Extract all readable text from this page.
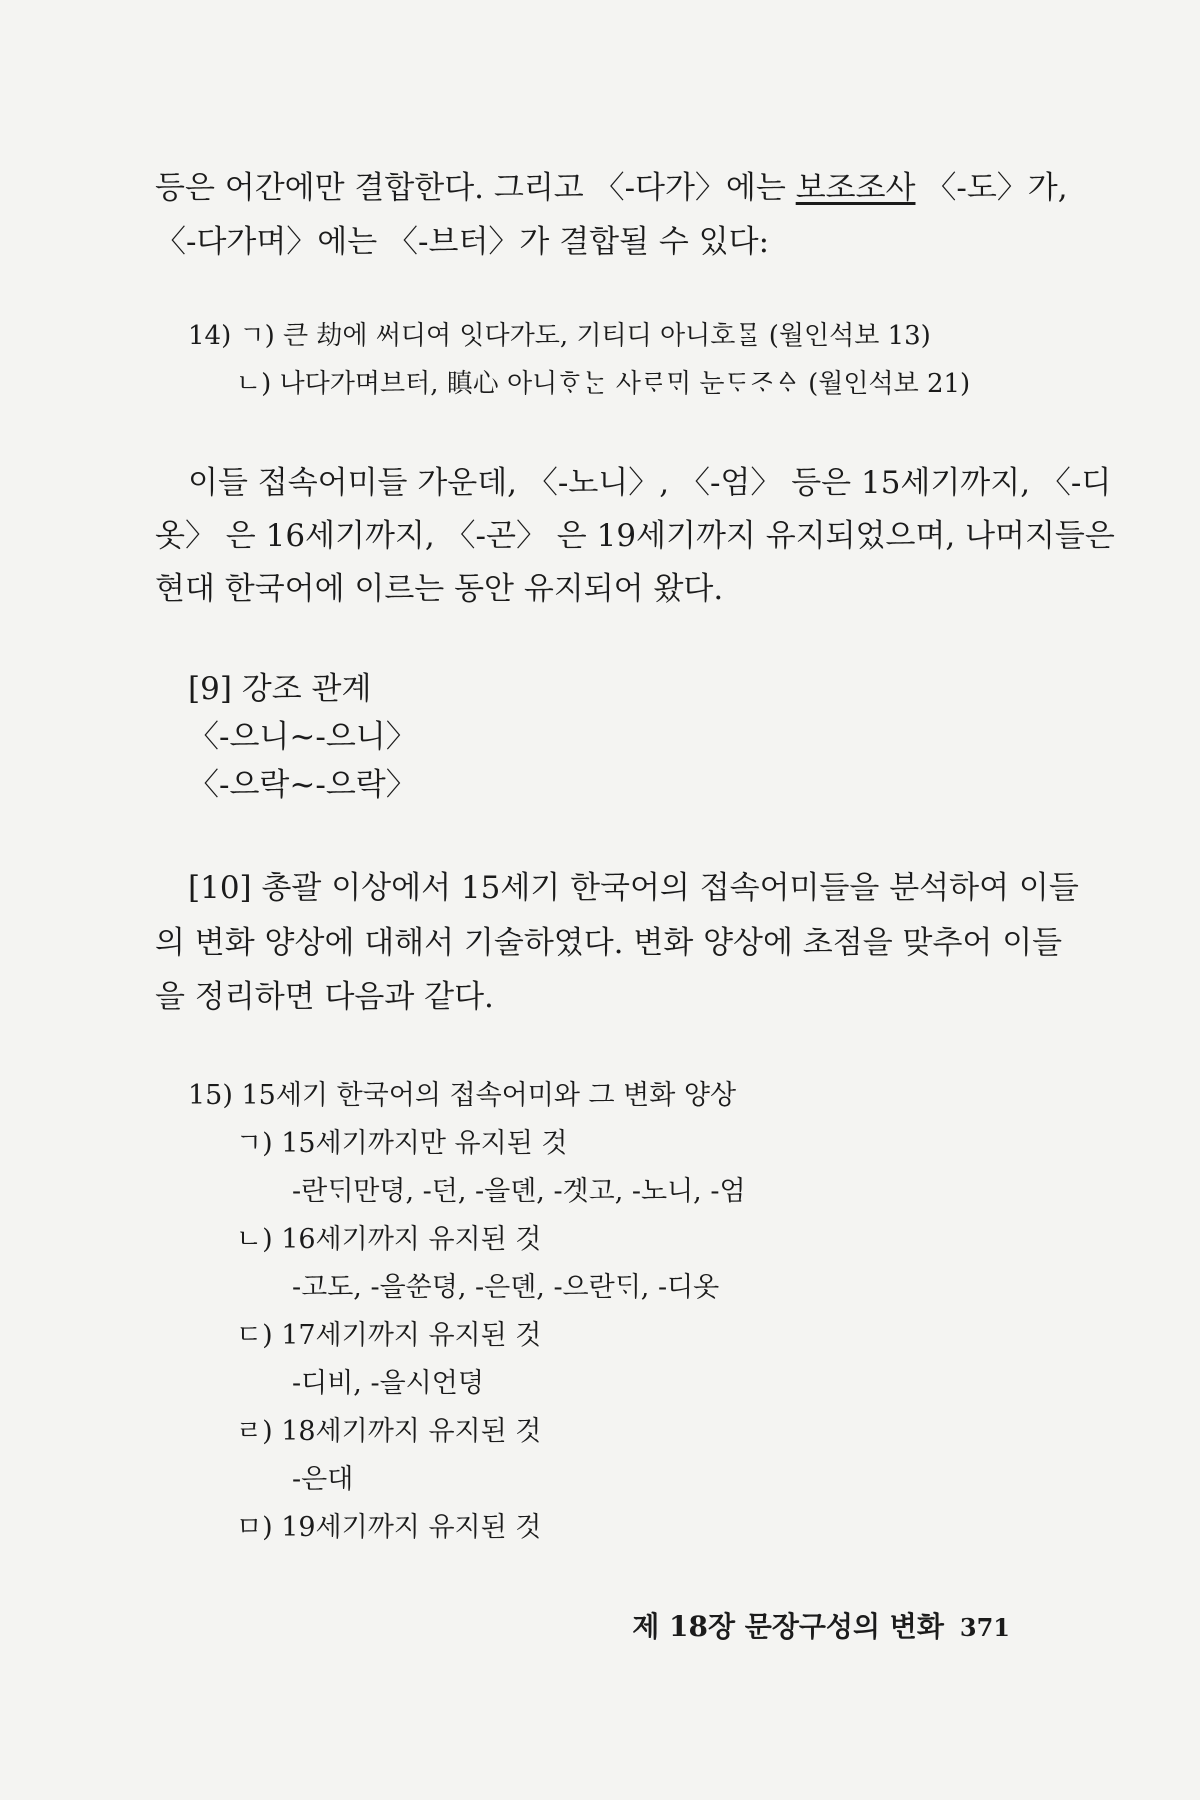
등은 어간에만 결합한다. 그리고 〈-다가〉에는 보조조사 〈-도〉가,
〈-다가며〉에는 〈-브터〉가 결합될 수 있다:
14) ㄱ) 큰 劫에 써디여 잇다가도, 기티디 아니호ᄆᆞᆯ (월인석보 13)
ㄴ) 나다가며브터, 瞋心 아니ᄒᆞᄂᆞᆫ 사ᄅᆞᄆᆡ 눈ᄃᆞᄌᆞᅀᆞ (월인석보 21)
이들 접속어미들 가운데, 〈-노니〉, 〈-엄〉 등은 15세기까지, 〈-디
옷〉 은 16세기까지, 〈-곤〉 은 19세기까지 유지되었으며, 나머지들은
현대 한국어에 이르는 동안 유지되어 왔다.
[9] 강조 관계
〈-으니~-으니〉
〈-으락~-으락〉
[10] 총괄 이상에서 15세기 한국어의 접속어미들을 분석하여 이들
의 변화 양상에 대해서 기술하였다. 변화 양상에 초점을 맞추어 이들
을 정리하면 다음과 같다.
15) 15세기 한국어의 접속어미와 그 변화 양상
ㄱ) 15세기까지만 유지된 것
-란ᄃᆡ만뎡, -던, -을뎬, -겟고, -노니, -엄
ㄴ) 16세기까지 유지된 것
-고도, -을쑨뎡, -은뎬, -으란ᄃᆡ, -디옷
ㄷ) 17세기까지 유지된 것
-디비, -을시언뎡
ㄹ) 18세기까지 유지된 것
-은대
ㅁ) 19세기까지 유지된 것
제 18장 문장구성의 변화 371
